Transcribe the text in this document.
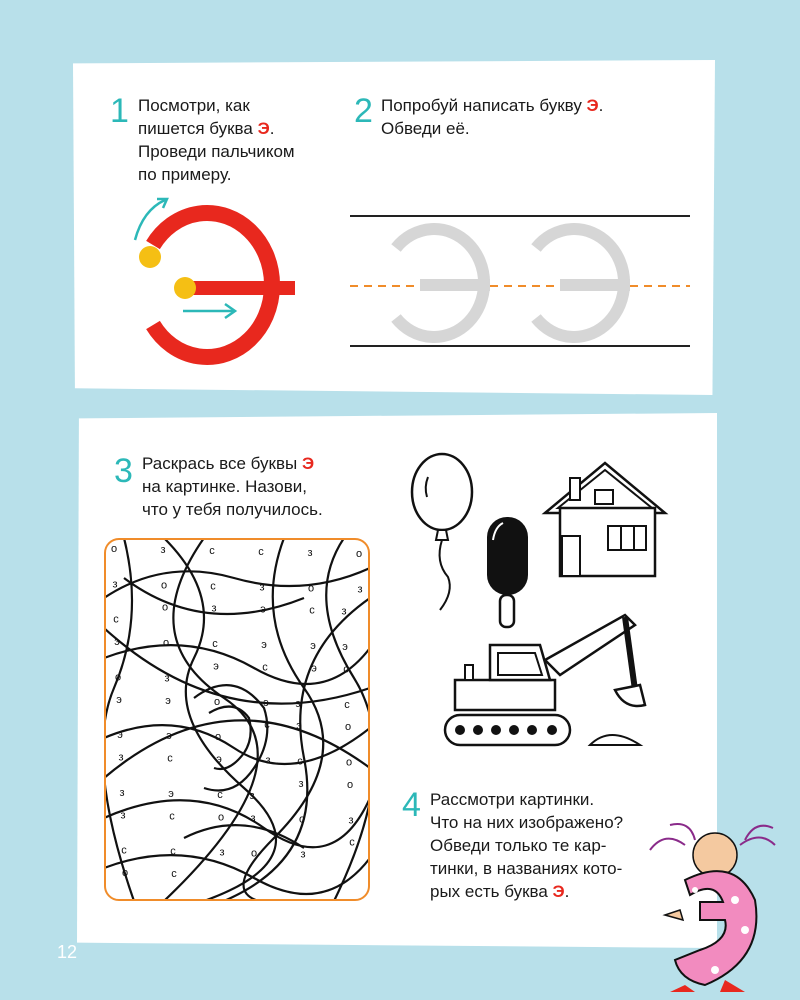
1 Посмотри, как
пишется буква Э.
Проведи пальчиком
по примеру.

2 Попробуй написать букву Э.
Обведи её.

3 Раскрась все буквы Э
на картинке. Назови,
что у тебя получилось.

о	з	с	с	з	о
з	о	с	з	о	з
с
о	з	э	с з
э	о	с	э	э э
о	з
э	с	э с
э	э	о	э з	с
э	э	о
с э	о
з	с	э	з с	о
з	э	с з
з	о
з	с	о з	о	з
с	с	з о	з
с
о	с
4 Рассмотри картинки.
Что на них изображено?
Обведи только те кар-
тинки, в названиях кото-
рых есть буква Э.

12
